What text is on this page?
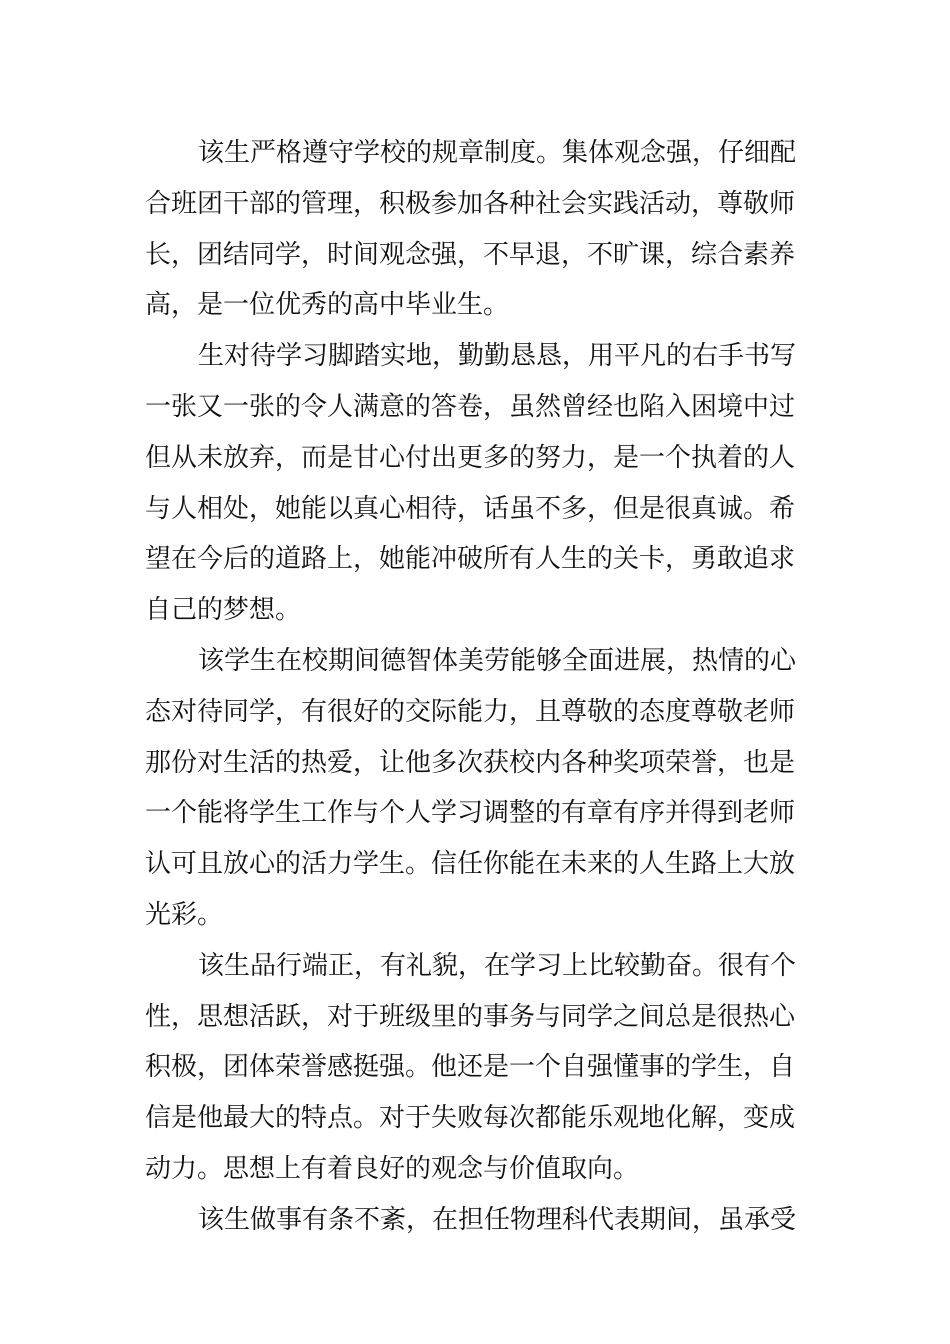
该生严格遵守学校的规章制度。集体观念强，仔细配
合班团干部的管理，积极参加各种社会实践活动，尊敬师
长，团结同学，时间观念强，不早退，不旷课，综合素养
高，是一位优秀的高中毕业生。
生对待学习脚踏实地，勤勤恳恳，用平凡的右手书写
一张又一张的令人满意的答卷，虽然曾经也陷入困境中过
但从未放弃，而是甘心付出更多的努力，是一个执着的人
与人相处，她能以真心相待，话虽不多，但是很真诚。希
望在今后的道路上，她能冲破所有人生的关卡，勇敢追求
自己的梦想。
该学生在校期间德智体美劳能够全面进展，热情的心
态对待同学，有很好的交际能力，且尊敬的态度尊敬老师
那份对生活的热爱，让他多次获校内各种奖项荣誉，也是
一个能将学生工作与个人学习调整的有章有序并得到老师
认可且放心的活力学生。信任你能在未来的人生路上大放
光彩。
该生品行端正，有礼貌，在学习上比较勤奋。很有个
性，思想活跃，对于班级里的事务与同学之间总是很热心
积极，团体荣誉感挺强。他还是一个自强懂事的学生，自
信是他最大的特点。对于失败每次都能乐观地化解，变成
动力。思想上有着良好的观念与价值取向。
该生做事有条不紊，在担任物理科代表期间，虽承受
